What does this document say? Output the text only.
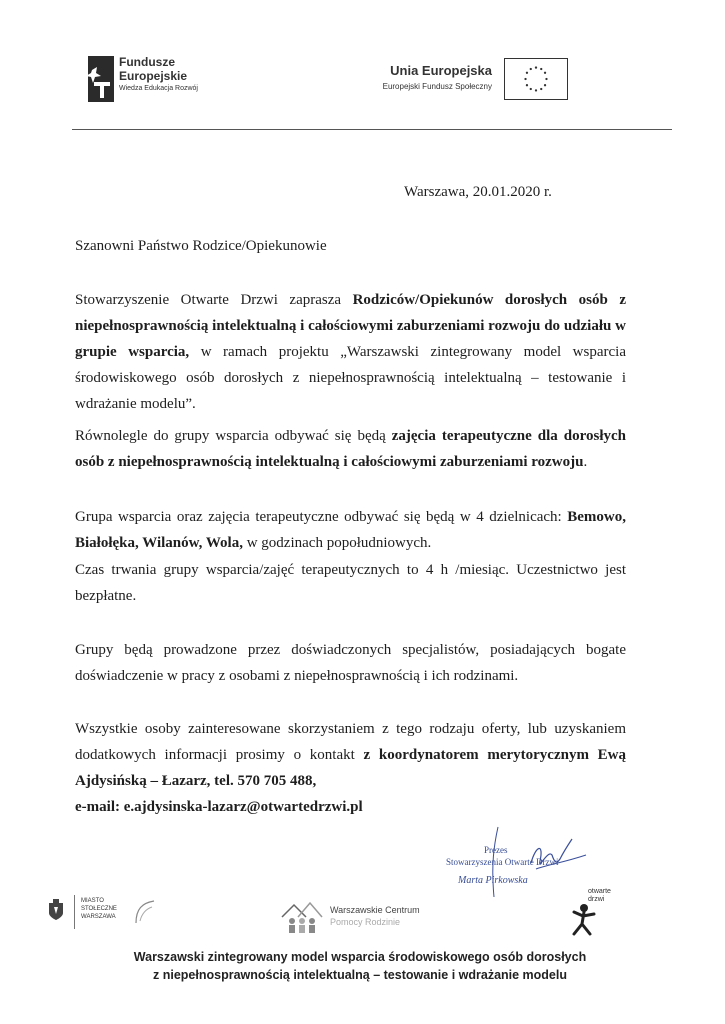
Fundusze
Europejskie
Wiedza Edukacja Rozwój
Unia Europejska
Europejski Fundusz Społeczny
Warszawa, 20.01.2020 r.
Szanowni Państwo Rodzice/Opiekunowie
Stowarzyszenie Otwarte Drzwi zaprasza Rodziców/Opiekunów dorosłych osób z niepełnosprawnością intelektualną i całościowymi zaburzeniami rozwoju do udziału w grupie wsparcia, w ramach projektu „Warszawski zintegrowany model wsparcia środowiskowego osób dorosłych z niepełnosprawnością intelektualną – testowanie i wdrażanie modelu”.
Równolegle do grupy wsparcia odbywać się będą zajęcia terapeutyczne dla dorosłych osób z niepełnosprawnością intelektualną i całościowymi zaburzeniami rozwoju.
Grupa wsparcia oraz zajęcia terapeutyczne odbywać się będą w 4 dzielnicach: Bemowo, Białołęka, Wilanów, Wola, w godzinach popołudniowych.
Czas trwania grupy wsparcia/zajęć terapeutycznych to 4 h /miesiąc. Uczestnictwo jest bezpłatne.
Grupy będą prowadzone przez doświadczonych specjalistów, posiadających bogate doświadczenie w pracy z osobami z niepełnosprawnością i ich rodzinami.
Wszystkie osoby zainteresowane skorzystaniem z tego rodzaju oferty, lub uzyskaniem dodatkowych informacji prosimy o kontakt z koordynatorem merytorycznym Ewą Ajdysińską – Łazarz, tel. 570 705 488,
e-mail: e.ajdysinska-lazarz@otwartedrzwi.pl
Prezes
Stowarzyszenia Otwarte Drzwi
Marta Pirkowska
MIASTO STOŁECZNE WARSZAWA
Warszawskie Centrum
Pomocy Rodzinie
otwarte
drzwi
Warszawski zintegrowany model wsparcia środowiskowego osób dorosłych
z niepełnosprawnością intelektualną – testowanie i wdrażanie modelu
